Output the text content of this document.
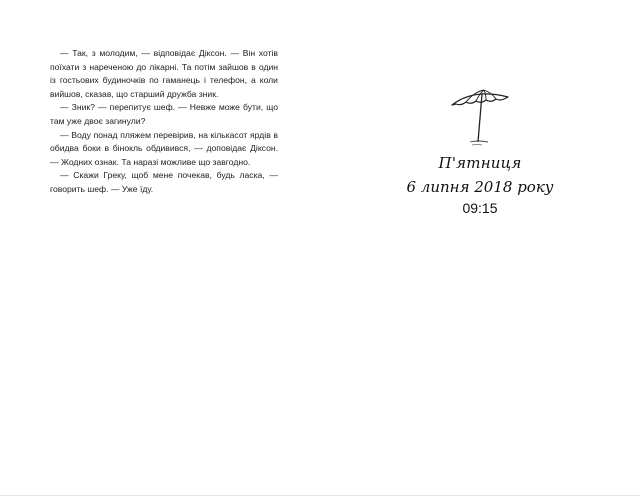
— Так, з молодим, — відповідає Діксон. — Він хотів поїхати з нареченою до лікарні. Та потім зайшов в один із гостьових будиночків по гаманець і телефон, а коли вийшов, сказав, що старший дружба зник.

— Зник? — перепитує шеф. — Невже може бути, що там уже двоє загинули?

— Воду понад пляжем перевірив, на кількасот ярдів в обидва боки в бінокль обдивився, — доповідає Діксон. — Жодних ознак. Та наразі можливе що завгодно.

— Скажи Греку, щоб мене почекав, будь ласка, — говорить шеф. — Уже їду.

П'ятниця
6 липня 2018 року
09:15
